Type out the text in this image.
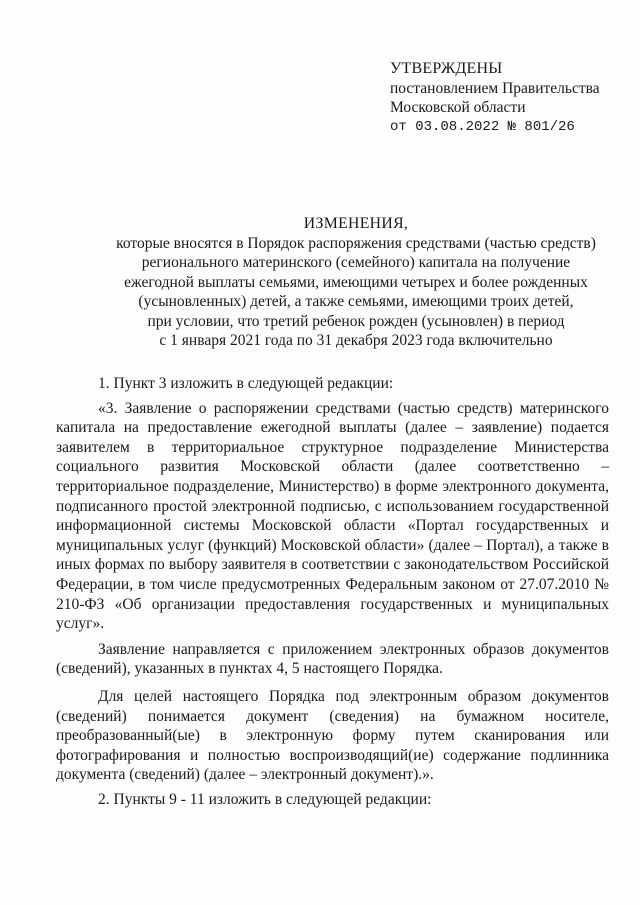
УТВЕРЖДЕНЫ
постановлением Правительства
Московской области
от 03.08.2022 № 801/26
ИЗМЕНЕНИЯ,
которые вносятся в Порядок распоряжения средствами (частью средств)
регионального материнского (семейного) капитала на получение
ежегодной выплаты семьями, имеющими четырех и более рожденных
(усыновленных) детей, а также семьями, имеющими троих детей,
при условии, что третий ребенок рожден (усыновлен) в период
с 1 января 2021 года по 31 декабря 2023 года включительно

1. Пункт 3 изложить в следующей редакции:

«3. Заявление о распоряжении средствами (частью средств) материнского капитала на предоставление ежегодной выплаты (далее – заявление) подается заявителем в территориальное структурное подразделение Министерства социального развития Московской области (далее соответственно – территориальное подразделение, Министерство) в форме электронного документа, подписанного простой электронной подписью, с использованием государственной информационной системы Московской области «Портал государственных и муниципальных услуг (функций) Московской области» (далее – Портал), а также в иных формах по выбору заявителя в соответствии с законодательством Российской Федерации, в том числе предусмотренных Федеральным законом от 27.07.2010 № 210-ФЗ «Об организации предоставления государственных и муниципальных услуг».

Заявление направляется с приложением электронных образов документов (сведений), указанных в пунктах 4, 5 настоящего Порядка.

Для целей настоящего Порядка под электронным образом документов (сведений) понимается документ (сведения) на бумажном носителе, преобразованный(ые) в электронную форму путем сканирования или фотографирования и полностью воспроизводящий(ие) содержание подлинника документа (сведений) (далее – электронный документ).».

2. Пункты 9 - 11 изложить в следующей редакции:
